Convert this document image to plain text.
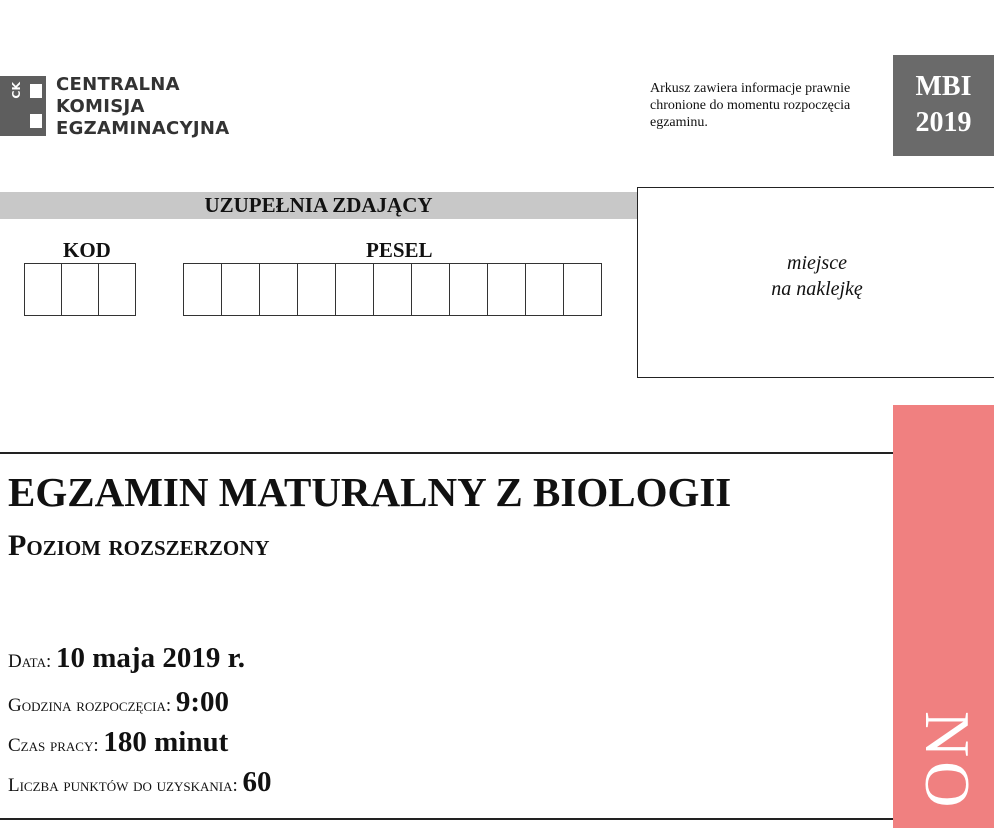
CK CENTRALNA
KOMISJA
EGZAMINACYJNA
Arkusz zawiera informacje prawnie chronione do momentu rozpoczęcia egzaminu.
MBI
2019
UZUPEŁNIA ZDAJĄCY
KOD	PESEL
miejsce
na naklejkę
NO
EGZAMIN MATURALNY Z BIOLOGII
Poziom rozszerzony
Data: 10 maja 2019 r.
Godzina rozpoczęcia: 9:00
Czas pracy: 180 minut
Liczba punktów do uzyskania: 60
